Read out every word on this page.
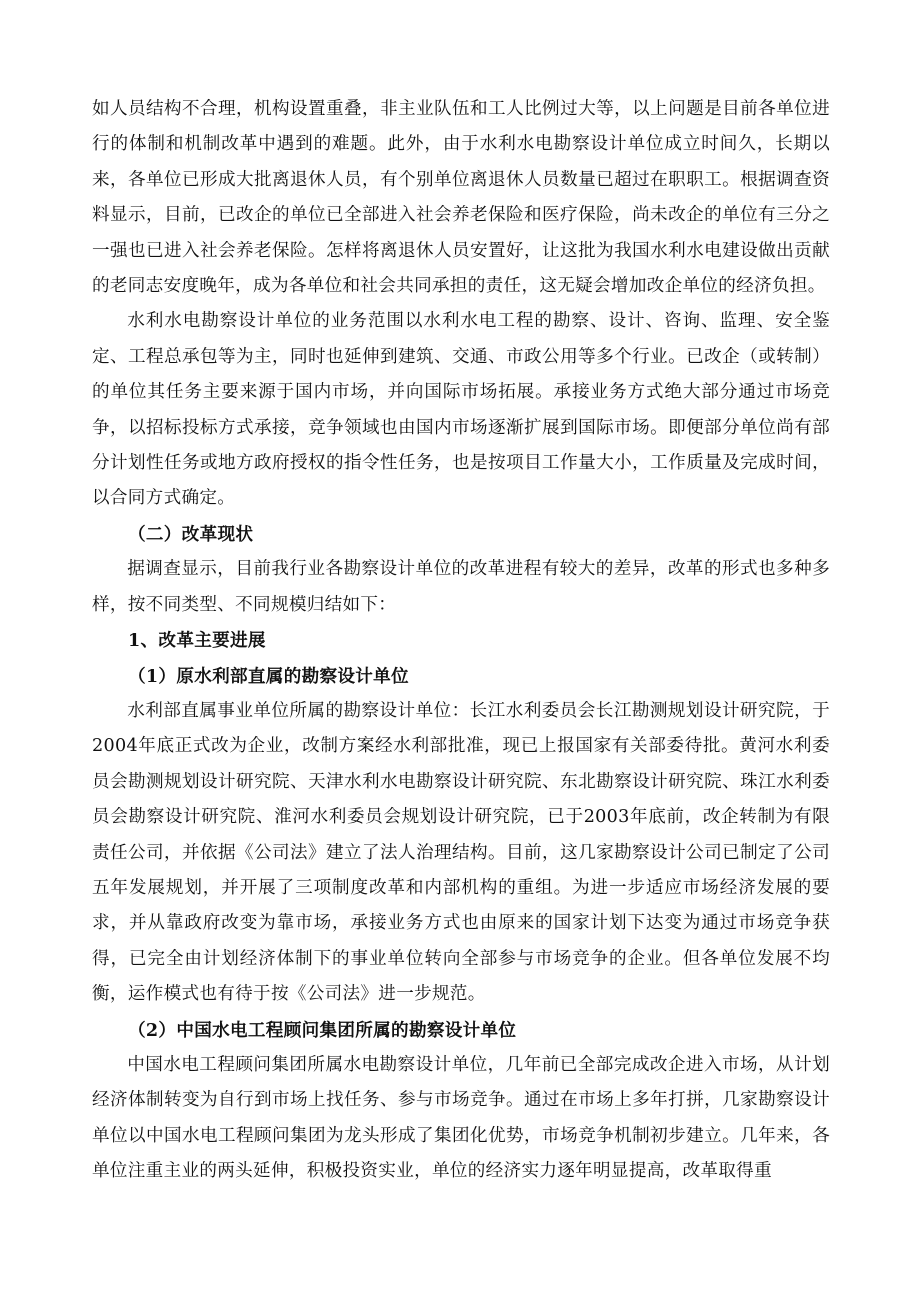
如人员结构不合理，机构设置重叠，非主业队伍和工人比例过大等，以上问题是目前各单位进行的体制和机制改革中遇到的难题。此外，由于水利水电勘察设计单位成立时间久，长期以来，各单位已形成大批离退休人员，有个别单位离退休人员数量已超过在职职工。根据调查资料显示，目前，已改企的单位已全部进入社会养老保险和医疗保险，尚未改企的单位有三分之一强也已进入社会养老保险。怎样将离退休人员安置好，让这批为我国水利水电建设做出贡献的老同志安度晚年，成为各单位和社会共同承担的责任，这无疑会增加改企单位的经济负担。

水利水电勘察设计单位的业务范围以水利水电工程的勘察、设计、咨询、监理、安全鉴定、工程总承包等为主，同时也延伸到建筑、交通、市政公用等多个行业。已改企（或转制）的单位其任务主要来源于国内市场，并向国际市场拓展。承接业务方式绝大部分通过市场竞争，以招标投标方式承接，竞争领域也由国内市场逐渐扩展到国际市场。即便部分单位尚有部分计划性任务或地方政府授权的指令性任务，也是按项目工作量大小，工作质量及完成时间，以合同方式确定。

（二）改革现状

据调查显示，目前我行业各勘察设计单位的改革进程有较大的差异，改革的形式也多种多样，按不同类型、不同规模归结如下：

1、改革主要进展

（1）原水利部直属的勘察设计单位

水利部直属事业单位所属的勘察设计单位：长江水利委员会长江勘测规划设计研究院，于2004年底正式改为企业，改制方案经水利部批准，现已上报国家有关部委待批。黄河水利委员会勘测规划设计研究院、天津水利水电勘察设计研究院、东北勘察设计研究院、珠江水利委员会勘察设计研究院、淮河水利委员会规划设计研究院，已于2003年底前，改企转制为有限责任公司，并依据《公司法》建立了法人治理结构。目前，这几家勘察设计公司已制定了公司五年发展规划，并开展了三项制度改革和内部机构的重组。为进一步适应市场经济发展的要求，并从靠政府改变为靠市场，承接业务方式也由原来的国家计划下达变为通过市场竞争获得，已完全由计划经济体制下的事业单位转向全部参与市场竞争的企业。但各单位发展不均衡，运作模式也有待于按《公司法》进一步规范。

（2）中国水电工程顾问集团所属的勘察设计单位

中国水电工程顾问集团所属水电勘察设计单位，几年前已全部完成改企进入市场，从计划经济体制转变为自行到市场上找任务、参与市场竞争。通过在市场上多年打拼，几家勘察设计单位以中国水电工程顾问集团为龙头形成了集团化优势，市场竞争机制初步建立。几年来，各单位注重主业的两头延伸，积极投资实业，单位的经济实力逐年明显提高，改革取得重
